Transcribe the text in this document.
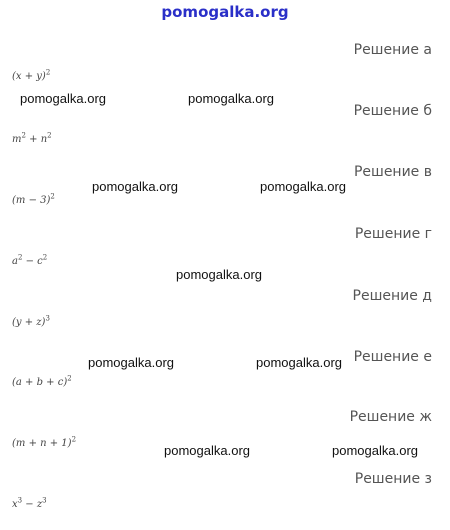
pomogalka.org
Решение а
$(x + y)^2$
Решение б
$m^2 + n^2$
Решение в
$(m - 3)^2$
Решение г
$a^2 - c^2$
Решение д
$(y + z)^3$
Решение е
$(a + b + c)^2$
Решение ж
$(m + n + 1)^2$
Решение з
$x^3 - z^3$
pomogalka.org	pomogalka.org
pomogalka.org	pomogalka.org
pomogalka.org
pomogalka.org	pomogalka.org
pomogalka.org	pomogalka.org
